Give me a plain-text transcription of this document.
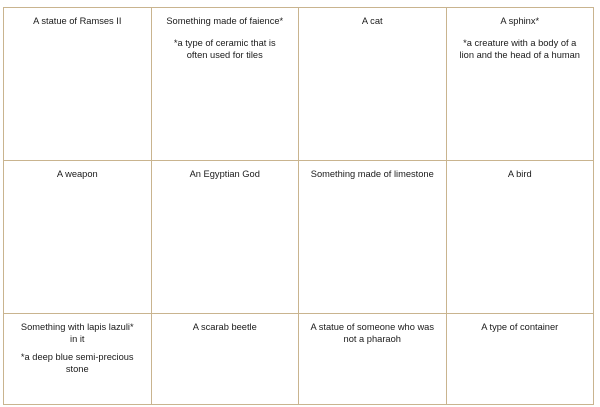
A statue of Ramses II	Something made of faience*
*a type of ceramic that is
often used for tiles	A cat	A sphinx*
*a creature with a body of a
lion and the head of a human

A weapon	An Egyptian God	Something made of limestone	A bird

Something with lapis lazuli*
in it
*a deep blue semi-precious
stone	A scarab beetle	A statue of someone who was
not a pharaoh	A type of container
